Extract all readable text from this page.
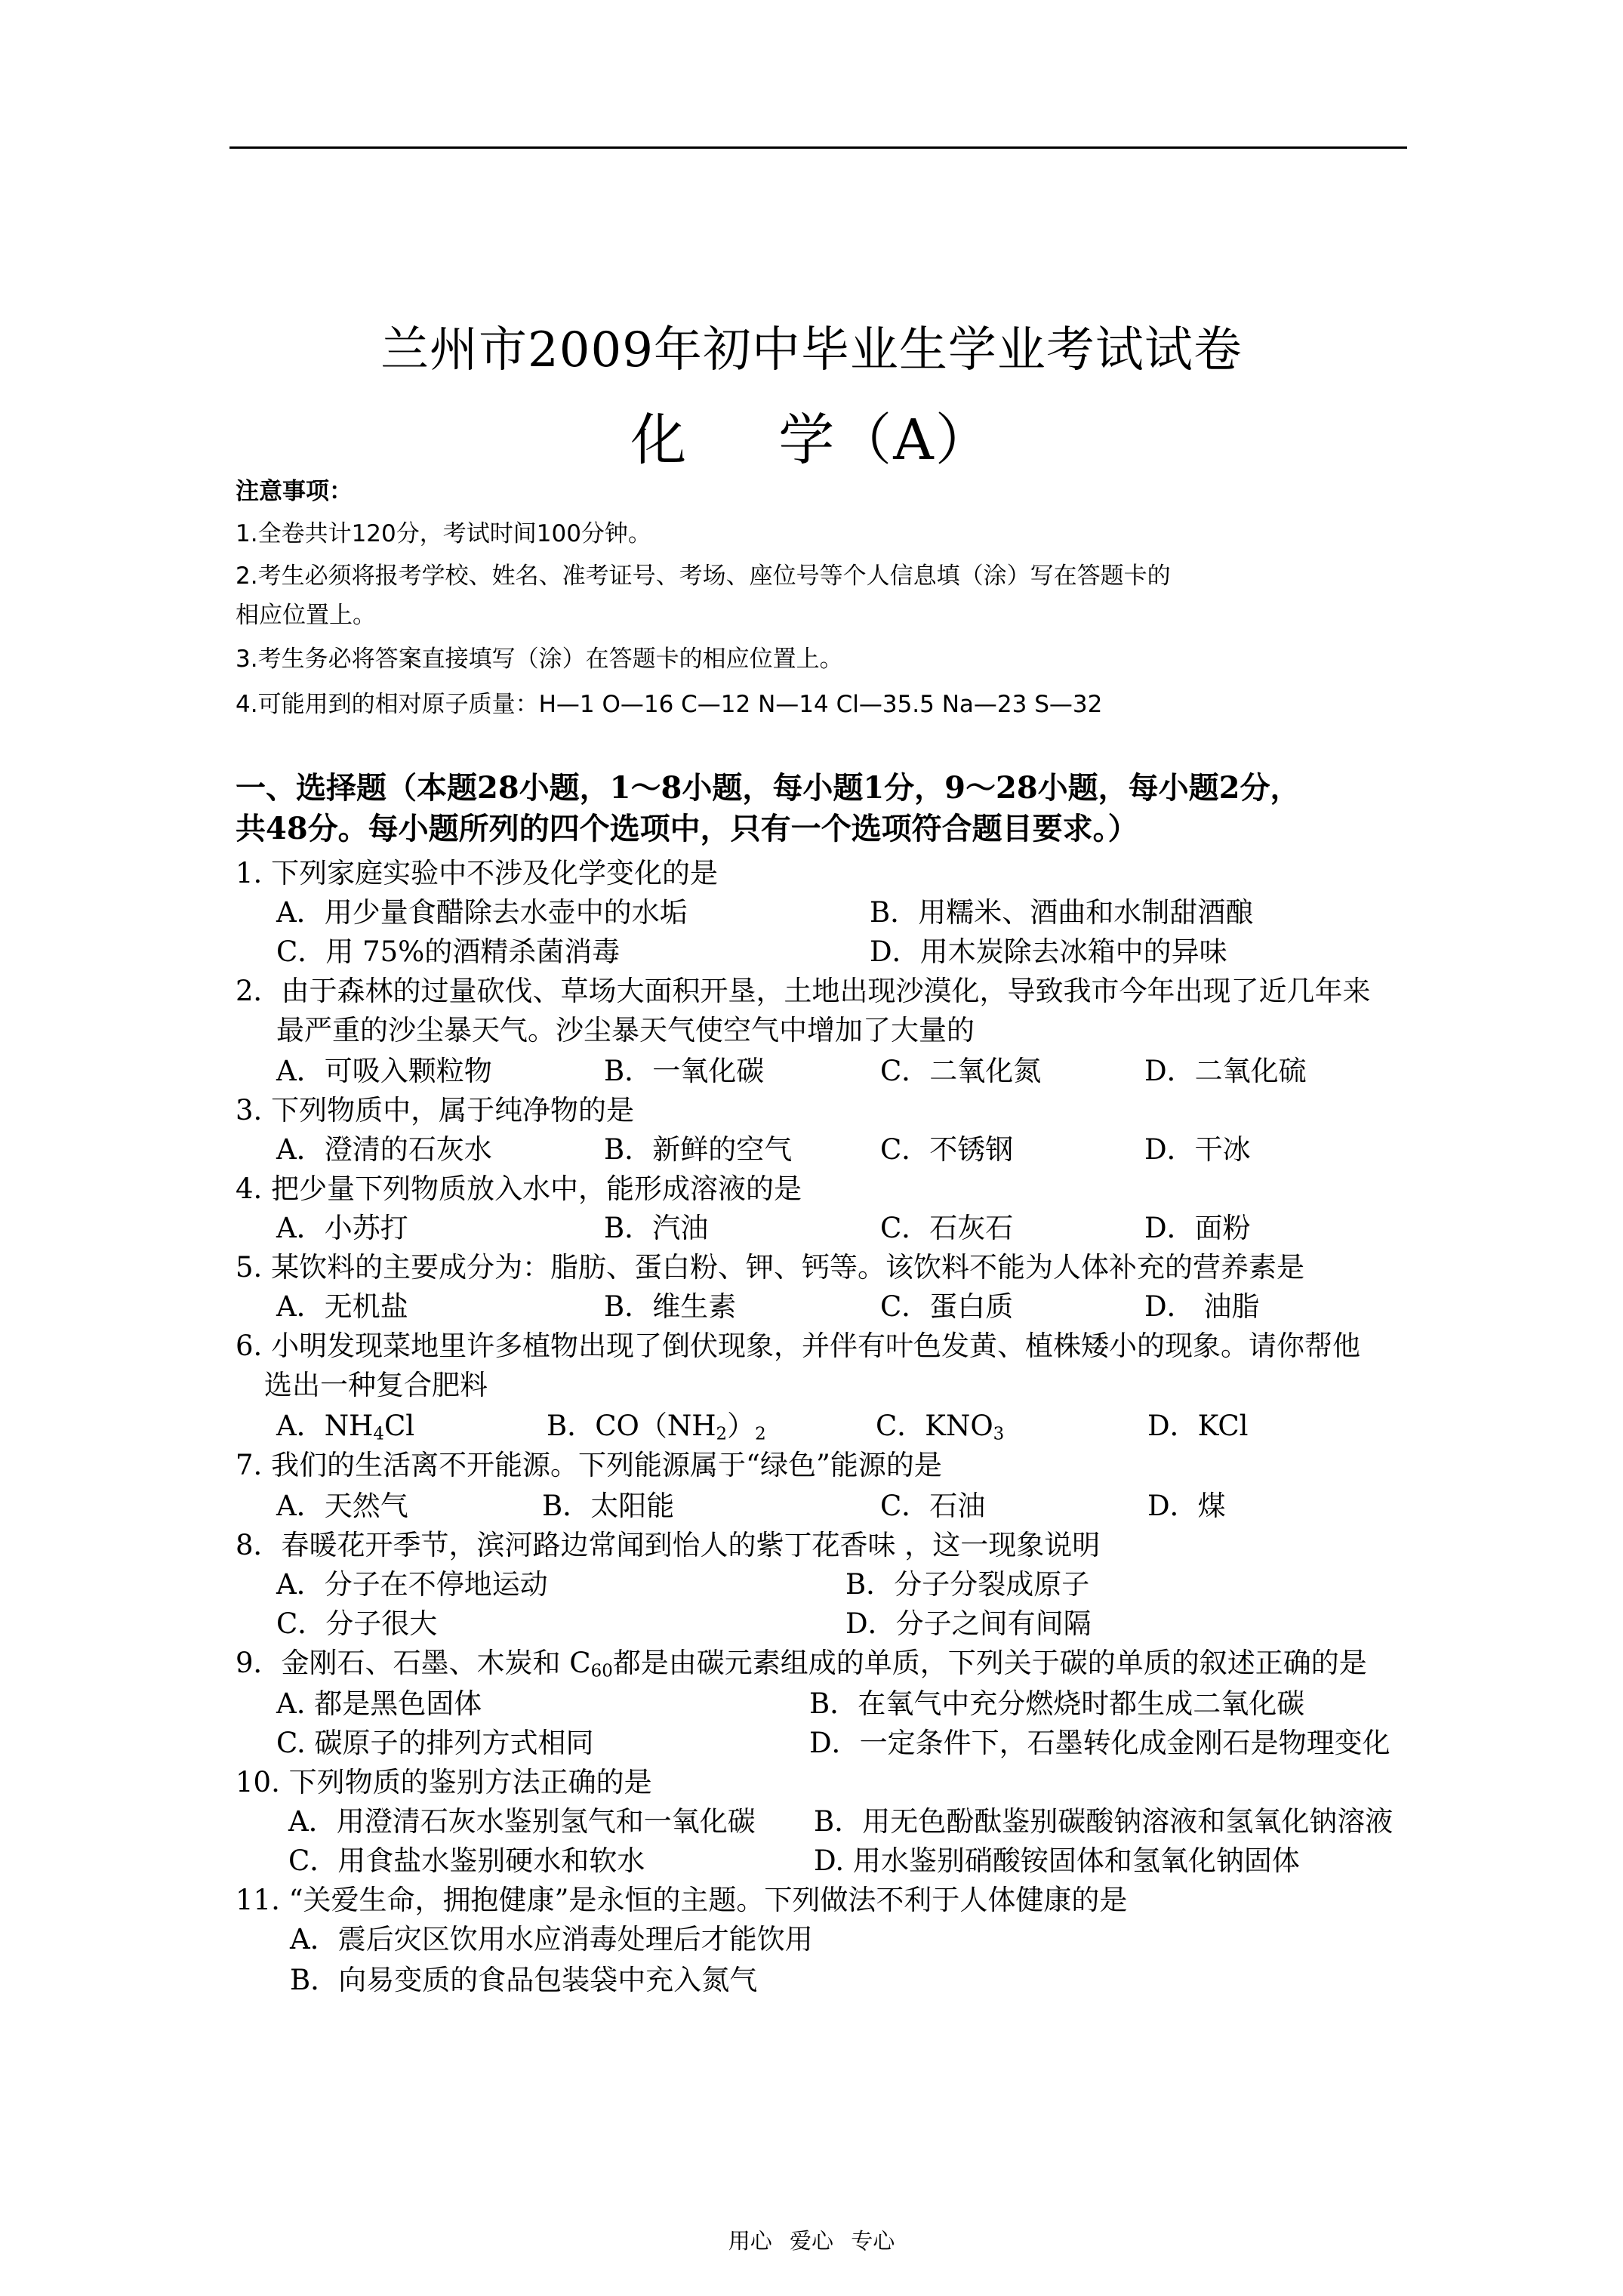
兰州市2009年初中毕业生学业考试试卷
化 学（A）
注意事项：
1.全卷共计120分，考试时间100分钟。
2.考生必须将报考学校、姓名、准考证号、考场、座位号等个人信息填（涂）写在答题卡的
相应位置上。
3.考生务必将答案直接填写（涂）在答题卡的相应位置上。
4.可能用到的相对原子质量：H—1 O—16 C—12 N—14 Cl—35.5 Na—23 S—32
一、选择题（本题28小题，1～8小题，每小题1分，9～28小题，每小题2分，
共48分。每小题所列的四个选项中，只有一个选项符合题目要求。）
1. 下列家庭实验中不涉及化学变化的是
A．用少量食醋除去水壶中的水垢	B．用糯米、酒曲和水制甜酒酿
C．用 75%的酒精杀菌消毒	D．用木炭除去冰箱中的异味
2．由于森林的过量砍伐、草场大面积开垦，土地出现沙漠化，导致我市今年出现了近几年来
最严重的沙尘暴天气。沙尘暴天气使空气中增加了大量的
A．可吸入颗粒物	B．一氧化碳	C．二氧化氮	D．二氧化硫
3. 下列物质中，属于纯净物的是
A．澄清的石灰水	B．新鲜的空气	C．不锈钢	D．干冰
4. 把少量下列物质放入水中，能形成溶液的是
A．小苏打	B．汽油	C．石灰石	D．面粉
5. 某饮料的主要成分为：脂肪、蛋白粉、钾、钙等。该饮料不能为人体补充的营养素是
A．无机盐	B．维生素	C．蛋白质	D． 油脂
6. 小明发现菜地里许多植物出现了倒伏现象，并伴有叶色发黄、植株矮小的现象。请你帮他
选出一种复合肥料
A．$NH_4Cl$	B．$CO(NH_2)_2$	C．$KNO_3$	D．KCl
7. 我们的生活离不开能源。下列能源属于“绿色”能源的是
A．天然气	B．太阳能	C．石油	D．煤
8．春暖花开季节，滨河路边常闻到怡人的紫丁花香味 ，这一现象说明
A．分子在不停地运动	B．分子分裂成原子
C．分子很大	D．分子之间有间隔
9．金刚石、石墨、木炭和 $C_{60}$都是由碳元素组成的单质，下列关于碳的单质的叙述正确的是
A. 都是黑色固体	B．在氧气中充分燃烧时都生成二氧化碳
C. 碳原子的排列方式相同	D．一定条件下，石墨转化成金刚石是物理变化
10. 下列物质的鉴别方法正确的是
A．用澄清石灰水鉴别氢气和一氧化碳 B．用无色酚酞鉴别碳酸钠溶液和氢氧化钠溶液
C．用食盐水鉴别硬水和软水	D. 用水鉴别硝酸铵固体和氢氧化钠固体
11. “关爱生命，拥抱健康”是永恒的主题。下列做法不利于人体健康的是
A．震后灾区饮用水应消毒处理后才能饮用
B．向易变质的食品包装袋中充入氮气
用心 爱心 专心
